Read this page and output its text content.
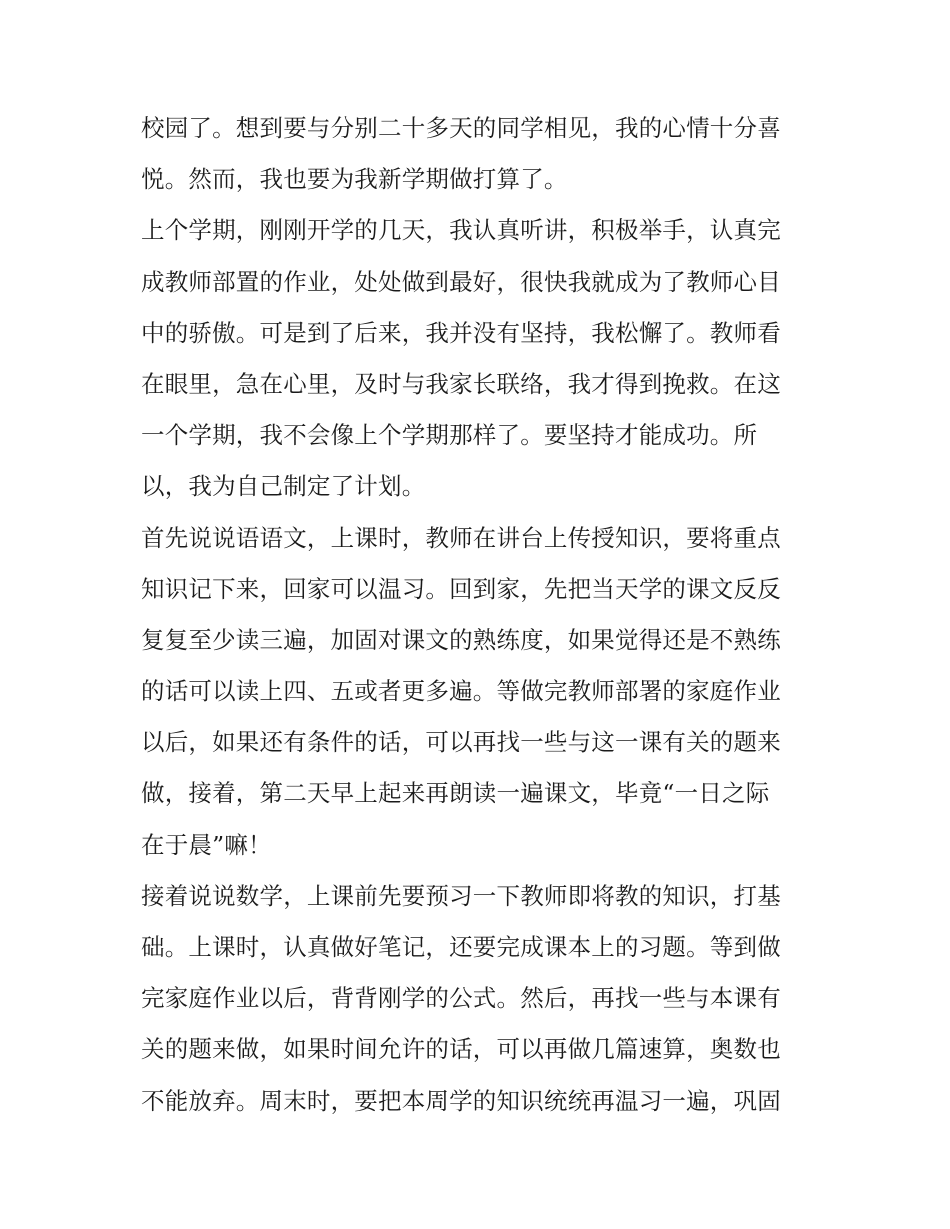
校园了。想到要与分别二十多天的同学相见，我的心情十分喜
悦。然而，我也要为我新学期做打算了。
上个学期，刚刚开学的几天，我认真听讲，积极举手，认真完
成教师部置的作业，处处做到最好，很快我就成为了教师心目
中的骄傲。可是到了后来，我并没有坚持，我松懈了。教师看
在眼里，急在心里，及时与我家长联络，我才得到挽救。在这
一个学期，我不会像上个学期那样了。要坚持才能成功。所
以，我为自己制定了计划。
首先说说语语文，上课时，教师在讲台上传授知识，要将重点
知识记下来，回家可以温习。回到家，先把当天学的课文反反
复复至少读三遍，加固对课文的熟练度，如果觉得还是不熟练
的话可以读上四、五或者更多遍。等做完教师部署的家庭作业
以后，如果还有条件的话，可以再找一些与这一课有关的题来
做，接着，第二天早上起来再朗读一遍课文，毕竟“一日之际
在于晨”嘛！
接着说说数学，上课前先要预习一下教师即将教的知识，打基
础。上课时，认真做好笔记，还要完成课本上的习题。等到做
完家庭作业以后，背背刚学的公式。然后，再找一些与本课有
关的题来做，如果时间允许的话，可以再做几篇速算，奥数也
不能放弃。周末时，要把本周学的知识统统再温习一遍，巩固
